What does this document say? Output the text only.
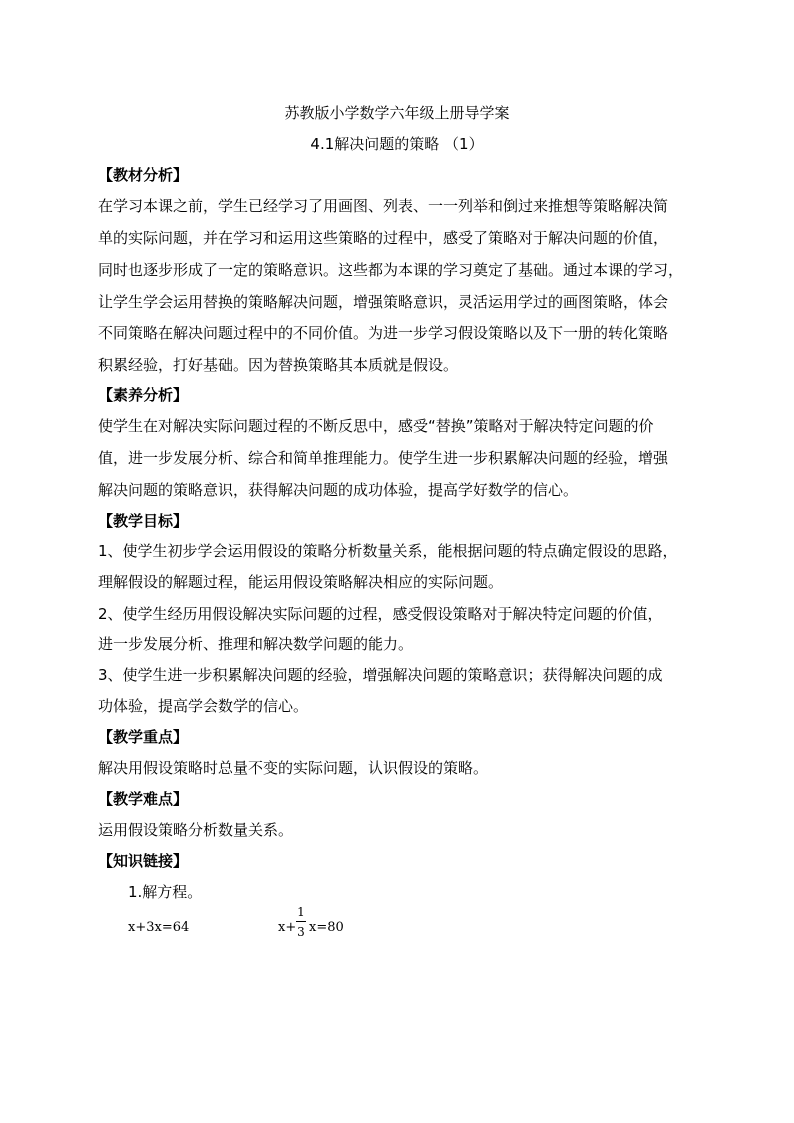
苏教版小学数学六年级上册导学案
4.1解决问题的策略 （1）
【教材分析】
在学习本课之前，学生已经学习了用画图、列表、一一列举和倒过来推想等策略解决简
单的实际问题，并在学习和运用这些策略的过程中，感受了策略对于解决问题的价值，
同时也逐步形成了一定的策略意识。这些都为本课的学习奠定了基础。通过本课的学习，
让学生学会运用替换的策略解决问题，增强策略意识，灵活运用学过的画图策略，体会
不同策略在解决问题过程中的不同价值。为进一步学习假设策略以及下一册的转化策略
积累经验，打好基础。因为替换策略其本质就是假设。
【素养分析】
使学生在对解决实际问题过程的不断反思中，感受“替换”策略对于解决特定问题的价
值，进一步发展分析、综合和简单推理能力。使学生进一步积累解决问题的经验，增强
解决问题的策略意识，获得解决问题的成功体验，提高学好数学的信心。
【教学目标】
1、使学生初步学会运用假设的策略分析数量关系，能根据问题的特点确定假设的思路，
理解假设的解题过程，能运用假设策略解决相应的实际问题。
2、使学生经历用假设解决实际问题的过程，感受假设策略对于解决特定问题的价值，
进一步发展分析、推理和解决数学问题的能力。
3、使学生进一步积累解决问题的经验，增强解决问题的策略意识；获得解决问题的成
功体验，提高学会数学的信心。
【教学重点】
解决用假设策略时总量不变的实际问题，认识假设的策略。
【教学难点】
运用假设策略分析数量关系。
【知识链接】
1.解方程。
x+3x=64	x+
1
3 x=80
